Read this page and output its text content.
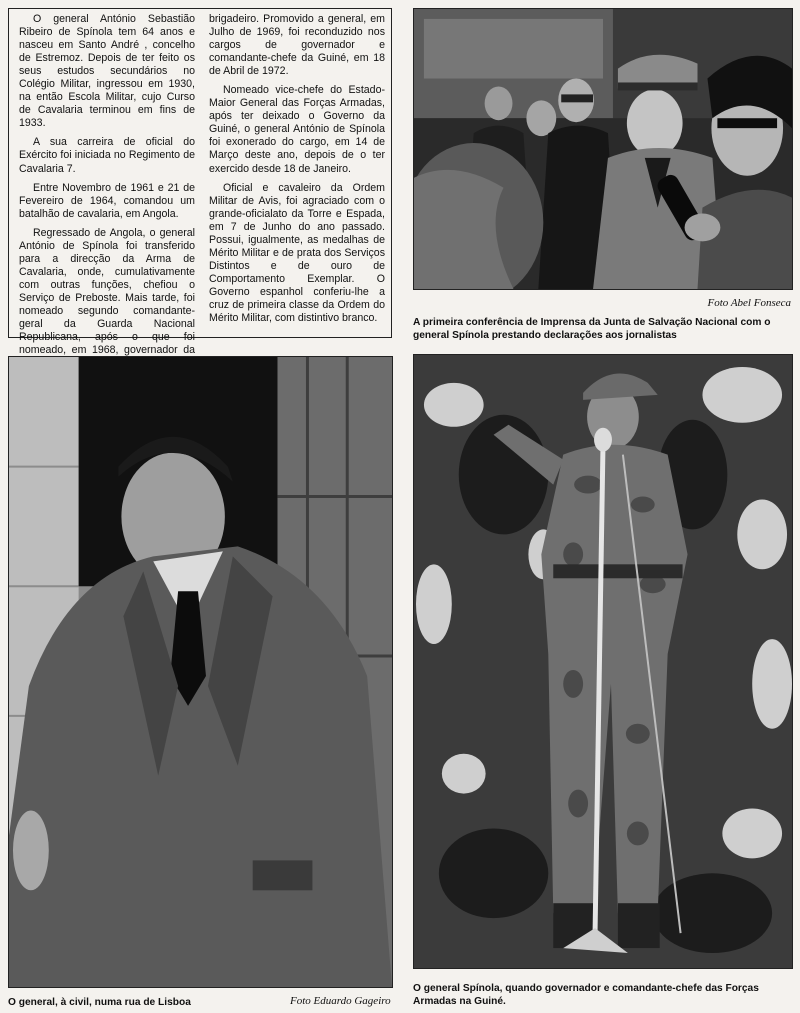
O general António Sebastião Ribeiro de Spínola tem 64 anos e nasceu em Santo André , concelho de Estremoz. Depois de ter feito os seus estudos secundários no Colégio Militar, ingressou em 1930, na então Escola Militar, cujo Curso de Cavalaria terminou em fins de 1933.

A sua carreira de oficial do Exército foi iniciada no Regimento de Cavalaria 7.

Entre Novembro de 1961 e 21 de Fevereiro de 1964, comandou um batalhão de cavalaria, em Angola.

Regressado de Angola, o general António de Spínola foi transferido para a direcção da Arma de Cavalaria, onde, cumulativamente com outras funções, chefiou o Serviço de Preboste. Mais tarde, foi nomeado segundo comandante-geral da Guarda Nacional Republicana, após o que foi nomeado, em 1968, governador da

brigadeiro. Promovido a general, em Julho de 1969, foi reconduzido nos cargos de governador e comandante-chefe da Guiné, em 18 de Abril de 1972.

Nomeado vice-chefe do Estado-Maior General das Forças Armadas, após ter deixado o Governo da Guiné, o general António de Spínola foi exonerado do cargo, em 14 de Março deste ano, depois de o ter exercido desde 18 de Janeiro.

Oficial e cavaleiro da Ordem Militar de Avis, foi agraciado com o grande-oficialato da Torre e Espada, em 7 de Junho do ano passado. Possui, igualmente, as medalhas de Mérito Militar e de prata dos Serviços Distintos e de ouro de Comportamento Exemplar. O Governo espanhol conferiu-lhe a cruz de primeira classe da Ordem do Mérito Militar, com distintivo branco.

Foto Abel Fonseca
A primeira conferência de Imprensa da Junta de Salvação Nacional com o general Spínola prestando declarações aos jornalistas
O general, à civil, numa rua de Lisboa	Foto Eduardo Gageiro
O general Spínola, quando governador e comandante-chefe das Forças Armadas na Guiné.
